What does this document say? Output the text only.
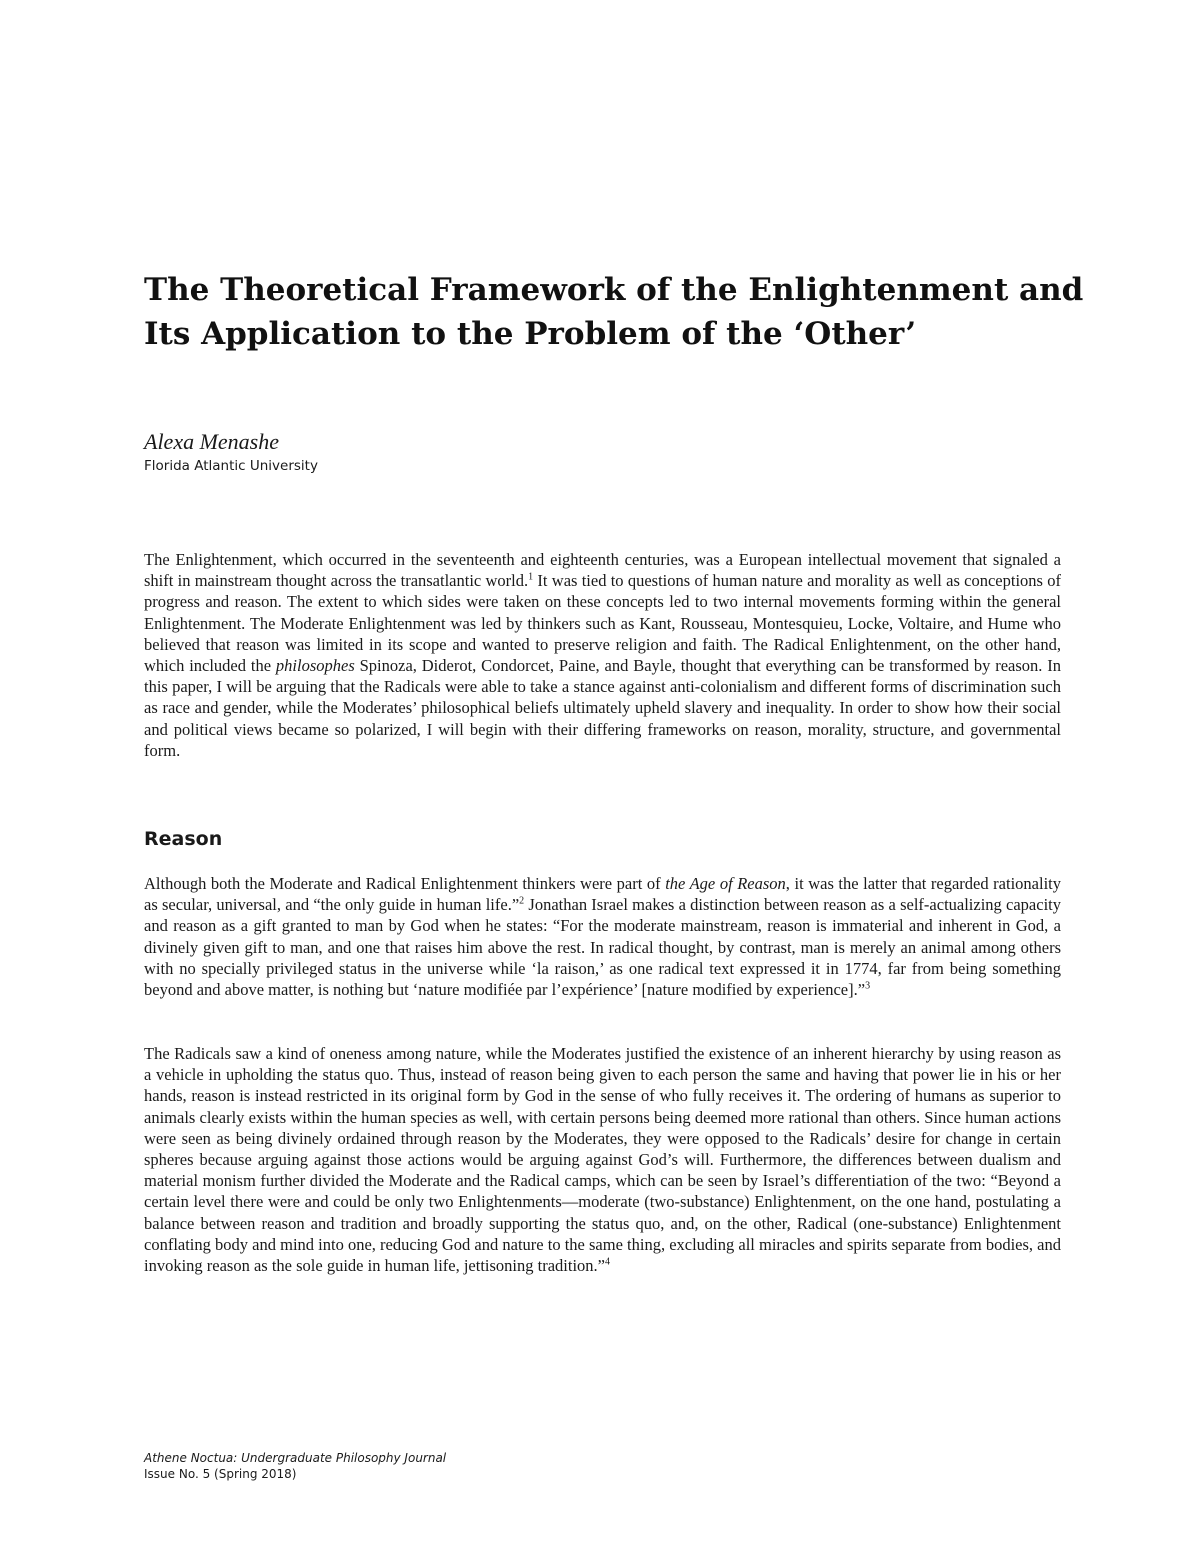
The Theoretical Framework of the Enlightenment and
Its Application to the Problem of the ‘Other’

Alexa Menashe

Florida Atlantic University

The Enlightenment, which occurred in the seventeenth and eighteenth centuries, was a European intellectual movement that signaled a shift in mainstream thought across the transatlantic world.$^1$ It was tied to questions of human nature and morality as well as conceptions of progress and reason. The extent to which sides were taken on these concepts led to two internal movements forming within the general Enlightenment. The Moderate Enlightenment was led by thinkers such as Kant, Rousseau, Montesquieu, Locke, Voltaire, and Hume who believed that reason was limited in its scope and wanted to preserve religion and faith. The Radical Enlightenment, on the other hand, which included the philosophes Spinoza, Diderot, Condorcet, Paine, and Bayle, thought that everything can be transformed by reason. In this paper, I will be arguing that the Radicals were able to take a stance against anti-colonialism and different forms of discrimination such as race and gender, while the Moderates’ philosophical beliefs ultimately upheld slavery and inequality. In order to show how their social and political views became so polarized, I will begin with their differing frameworks on reason, morality, structure, and governmental form.

Reason

Although both the Moderate and Radical Enlightenment thinkers were part of the Age of Reason, it was the latter that regarded rationality as secular, universal, and “the only guide in human life.”$^2$ Jonathan Israel makes a distinction between reason as a self-actualizing capacity and reason as a gift granted to man by God when he states: “For the moderate mainstream, reason is immaterial and inherent in God, a divinely given gift to man, and one that raises him above the rest. In radical thought, by contrast, man is merely an animal among others with no specially privileged status in the universe while ‘la raison,’ as one radical text expressed it in 1774, far from being something beyond and above matter, is nothing but ‘nature modifiée par l’expérience’ [nature modified by experience].”$^3$

The Radicals saw a kind of oneness among nature, while the Moderates justified the existence of an inherent hierarchy by using reason as a vehicle in upholding the status quo. Thus, instead of reason being given to each person the same and having that power lie in his or her hands, reason is instead restricted in its original form by God in the sense of who fully receives it. The ordering of humans as superior to animals clearly exists within the human species as well, with certain persons being deemed more rational than others. Since human actions were seen as being divinely ordained through reason by the Moderates, they were opposed to the Radicals’ desire for change in certain spheres because arguing against those actions would be arguing against God’s will. Furthermore, the differences between dualism and material monism further divided the Moderate and the Radical camps, which can be seen by Israel’s differentiation of the two: “Beyond a certain level there were and could be only two Enlightenments—moderate (two-substance) Enlightenment, on the one hand, postulating a balance between reason and tradition and broadly supporting the status quo, and, on the other, Radical (one-substance) Enlightenment conflating body and mind into one, reducing God and nature to the same thing, excluding all miracles and spirits separate from bodies, and invoking reason as the sole guide in human life, jettisoning tradition.”$^4$

Athene Noctua: Undergraduate Philosophy Journal
Issue No. 5 (Spring 2018)
